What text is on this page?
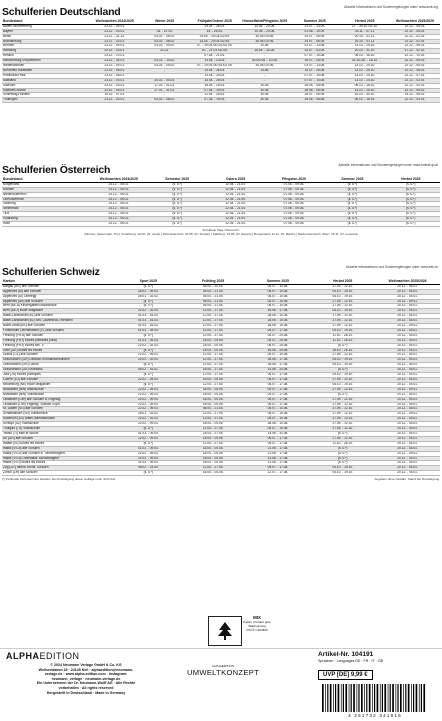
Schulferien Deutschland	Aktuelle Informationen und Sonderregelungen unter: www.kmk.org
Bundesland	Weihnachten 2024/2025	Winter 2025	Frühjahr/Ostern 2025	Himmelfahrt/Pfingsten 2025	Sommer 2025	Herbst 2025	Weihnachten 2025/2026
Baden-Württemberg	23.12. - 04.01.	-	14.04. - 26.04.	10.06. - 20.06.	31.07. - 13.09.	27. - 30.10./31.10.	22.12. - 05.01.
Bayern	23.12. - 03.01.	03. - 07.03.	14. - 25.04.	10.06. - 20.06.	01.08. - 15.09.	03.11. - 07.11.	22.12. - 05.01.
Berlin	23.12. - 31.12.	03.02. - 08.02.	14.04. - 25.04./02.05.	30.05./10.06.	24.07. - 06.09.	20.10. - 01.11.	22.12. - 02.01.
Brandenburg	23.12. - 03.01.	03.02. - 08.02.	14.04. - 25.04./02.05.	30.05./10.06.	24.07. - 06.09.	20.10. - 01.11.	22.12. - 02.01.
Bremen	23.12. - 04.01.	03.02. - 04.02.	07. - 19.04./30.04./02.05.	10.06.	03.07. - 13.08.	13.10. - 25.10.	22.12. - 05.01.
Hamburg	20.12. - 03.01.	31.01.	10. - 21.03./02.05.	26.05. - 30.05.	24.07. - 03.09.	20.10. - 31.10.	17.12. - 02.01.
Hessen	23.12. - 10.01.	-	07.04. - 21.04.	-	07.07. - 15.08.	06.10. - 18.10.	22.12. - 10.01.
Mecklenburg-Vorpommern	23.12. - 04.01.	03.02. - 14.02.	14.04. - 23.04.	30.05./06. - 10.06.	28.07. - 06.09.	02.10./20. - 25.10.	22.12. - 05.01.
Niedersachsen	23.12. - 04.01.	03.02. - 04.02.	07. - 19.04./30.04./02.05.	30.05./10.06.	03.07. - 13.08.	13.10. - 25.10.	22.12. - 05.01.
Nordrhein-Westfalen	23.12. - 06.01.	-	14.04. - 26.04.	10.06.	14.07. - 26.08.	13.10. - 25.10.	22.12. - 06.01.
Rheinland-Pfalz	23.12. - 08.01.	-	14.04. - 25.04.	-	07.07. - 15.08.	13.10. - 24.10.	22.12. - 07.01.
Saarland	23.12. - 03.01.	24.02. - 04.03.	14.04. - 25.04.	-	07.07. - 14.08.	13.10. - 24.10.	22.12. - 02.01.
Sachsen	23.12. - 03.01.	17.02. - 01.03.	18.04. - 25.04.	30.05.	28.06. - 08.08.	06.10. - 18.10.	22.12. - 02.01.
Sachsen-Anhalt	23.12. - 04.01.	27.01. - 31.01.	07.04. - 19.04.	30.05.	28.06. - 08.08.	13.10. - 25.10.	22.12. - 05.01.
Schleswig-Holstein	19.12. - 07.01.	-	11.04. - 25.04.	30.05.	28.07. - 06.09.	20.10. - 30.10.	19.12. - 06.01.
Thüringen	23.12. - 03.01.	03.02. - 08.02.	07.04. - 19.04.	30.05.	28.06. - 08.08.	06.10. - 18.10.	22.12. - 03.01.
Schulferien Österreich	Aktuelle Informationen und Sonderregelungen unter: www.bmbwf.gv.at
Bundesland	Weihnachten 2024/2025	Semester 2025	Ostern 2025	Pfingsten 2025	Sommer 2025	Herbst 2025
Burgenland	24.12. - 06.01.	(s. u.*)	12.04. - 21.04.	07.06. - 09.06.	(s. u.*)	(s. u.*)
Kärnten	24.12. - 06.01.	(s. u.*)	12.04. - 21.04.	07.06. - 09.06.	(s. u.*)	(s. u.*)
Niederösterreich	24.12. - 06.01.	(s. u.*)	12.04. - 21.04.	07.06. - 09.06.	(s. u.*)	(s. u.*)
Oberösterreich	24.12. - 06.01.	(s. u.*)	12.04. - 21.04.	07.06. - 09.06.	(s. u.*)	(s. u.*)
Salzburg	24.12. - 06.01.	(s. u.*)	12.04. - 21.04.	07.06. - 09.06.	(s. u.*)	(s. u.*)
Steiermark	24.12. - 06.01.	(s. u.*)	12.04. - 21.04.	07.06. - 09.06.	(s. u.*)	(s. u.*)
Tirol	24.12. - 06.01.	(s. u.*)	12.04. - 21.04.	07.06. - 09.06.	(s. u.*)	(s. u.*)
Vorarlberg	24.12. - 06.01.	(s. u.*)	12.04. - 21.04.	07.06. - 09.06.	(s. u.*)	(s. u.*)
Wien	24.12. - 06.01.	(s. u.*)	12.04. - 21.04.	07.06. - 09.06.	(s. u.*)	(s. u.*)
Schulfreie Tage Österreich:
Kärnten, Steiermark, Tirol, Vorarlberg: 19.03. (hl. Josef) | Oberösterreich: 04.05. (hl. Florian) | Salzburg: 24.09. (hl. Rupert) | Burgenland: 11.11. (hl. Martin) | Niederösterreich, Wien: 15.11. (hl. Leopold)
Schulferien Schweiz	Aktuelle Informationen und Sonderregelungen unter: www.edk.ch
Kanton	Sport 2025	Frühling 2025	Sommer 2025	Herbst 2025	Weihnachten 2025/2026
Aargau (AG) alle Schulen	(s. u.*)	05.04. - 20.04.	05.07. - 10.08.	27.09. - 12.10.	20.12. - 04.01.
Appenzell (AI) alle Schulen	28.02. - 09.03.	05.04. - 21.04.	05.07. - 10.08.	04.10. - 19.10.	20.12. - 04.01.
Appenzell (AI) Oberegg	25.01. - 02.02.	05.04. - 21.04.	05.07. - 10.08.	04.10. - 19.10.	20.12. - 04.01.
Appenzell (AR) alle Schulen	(s. u.*)	05.04. - 21.04.	05.07. - 10.08.	27.09. - 12.10.	20.12. - 04.01.
Bern (BE-d) Kindergarten/Volksschule	(s. u.*)	05.04. - 21.04.	05.07. - 10.08.	27.09. - 12.10.	20.12. - 04.01.
Bern (BE-f) école obligatoire	22.02. - 02.03.	12.04. - 27.04.	28.06. - 17.08.	04.10. - 19.10.	20.12. - 04.01.
Basel-Landschaft (BL) alle Schulen	01.03. - 16.03.	12.04. - 27.04.	28.06. - 10.08.	27.09. - 12.10.	20.12. - 04.01.
Basel-Landschaft (BL) Sek. Laufenthal-Thierstein	01.03. - 16.03.	12.04. - 27.04.	28.06. - 10.08.	27.09. - 12.10.	20.12. - 04.01.
Basel-Stadt (BS) alle Schulen	01.03. - 16.03.	12.04. - 27.04.	28.06. - 10.08.	27.09. - 12.10.	20.12. - 04.01.
Fürstentum Liechtenstein (FL) alle Schulen	01.03. - 09.03.	12.04. - 27.04.	05.07. - 17.08.	04.10. - 19.10.	20.12. - 04.01.
Freiburg (FR-d) alle Schulen	(s. u.*)	12.04. - 27.04.	05.07. - 24.08.	11.10. - 26.10.	20.12. - 04.01.
Freiburg (FR-f) écoles primaires (villa)	01.03. - 09.03.	18.04. - 04.05.	05.07. - 24.08.	11.10. - 26.10.	20.12. - 04.01.
Freiburg (FR-f) écoles sec. II	22.02. - 02.03.	18.04. - 04.05.	05.07. - 24.08.	(s. u.*)	20.12. - 04.01.
Genf (GE) toutes les écoles	(s. u.*)	18.04. - 04.05.	28.06. - 24.08.	18.10. - 26.10.	20.12. - 04.01.
Glarus (GL) alle Schulen	22.02. - 09.03.	12.04. - 27.04.	05.07. - 10.08.	27.09. - 12.10.	20.12. - 04.01.
Graubünden (GR) Deutsch-/Romanischbünden	22.02. - 02.03.	12.04. - 27.04.	28.06. - 17.08.	04.10. - 19.10.	20.12. - 04.01.
Graubünden (GR) Davos	(s. u.*)	12.04. - 27.04.	28.06. - 17.08.	04.10. - 19.10.	20.12. - 04.01.
Graubünden (GR) Moesano	08.02. - 16.02.	18.04. - 27.04.	14.06. - 24.08.	(s. u.*)	20.12. - 04.01.
Jura (JU) écoles publiques	(s. u.*)	12.04. - 27.04.	05.07. - 17.08.	04.10. - 19.10.	20.12. - 04.01.
Luzern (LU) alle Schulen	22.02. - 09.03.	18.04. - 04.05.	05.07. - 17.08.	27.09. - 12.10.	20.12. - 04.01.
Neuenburg (NE) école obligatoire	(s. u.*)	12.04. - 27.04.	05.07. - 17.08.	04.10. - 19.10.	20.12. - 04.01.
Nidwalden (NW) Mittelschule	22.02. - 09.03.	18.04. - 04.05.	05.07. - 17.08.	27.09. - 12.10.	20.12. - 04.01.
Nidwalden (NW) Volksschule	22.02. - 09.03.	18.04. - 04.05.	05.07. - 17.08.	(s. u.*)	20.12. - 04.01.
Obwalden (OW) alle Schulen a. Engelbg.	22.02. - 09.03.	18.04. - 04.05.	05.07. - 17.08.	27.09. - 12.10.	20.12. - 04.01.
Obwalden (OW) Engelbg. Volksch./Gym.	22.02. - 09.03.	18.04. - 04.05.	05.07. - 17.08.	27.09. - 12.10.	20.12. - 04.01.
St. Gallen (SG) alle Schulen	22.02. - 09.03.	05.04. - 21.04.	05.07. - 10.08.	27.09. - 12.10.	20.12. - 04.01.
Schaffhausen (SH) Volksschule	25.01. - 02.02.	12.04. - 27.04.	05.07. - 10.08.	27.09. - 12.10.	20.12. - 04.01.
Solothurn (SO) Mittel-/Berufsschulen	22.02. - 02.03.	12.04. - 27.04.	05.07. - 10.08.	27.09. - 12.10.	20.12. - 04.01.
Schwyz (SZ) Volksschule	22.02. - 09.03.	18.04. - 04.05.	28.06. - 10.08.	27.09. - 12.10.	20.12. - 04.01.
Thurgau (TG) Volksschule	(s. u.*)	12.04. - 27.04.	05.07. - 10.08.	27.09. - 12.10.	20.12. - 04.01.
Tessin (TI) tutte le scuole	01.03. - 09.03.	18.04. - 27.04.	14.06. - 31.08.	(s. u.*)	20.12. - 04.01.
Uri (UR) alle Schulen	22.02. - 09.03.	18.04. - 04.05.	05.07. - 17.08.	27.09. - 12.10.	20.12. - 04.01.
Waadt (VD) toutes les écoles	(s. u.*)	12.04. - 27.04.	05.07. - 17.08.	11.10. - 26.10.	20.12. - 04.01.
Wallis (VS-d) alle Schulen	01.03. - 09.03.	18.04. - 04.05.	21.06. - 17.08.	(s. u.*)	20.12. - 04.01.
Wallis (VS-d) alle Schulen a. Tourismusgem.	22.02. - 09.03.	18.04. - 04.05.	21.06. - 17.08.	(s. u.*)	20.12. - 04.01.
Wallis (VS-d) Oberwallis Tourismusgem.	22.02. - 09.03.	18.04. - 04.05.	21.06. - 17.08.	(s. u.*)	20.12. - 04.01.
Wallis (VS-f) toutes les écoles	01.03. - 09.03.	18.04. - 04.05.	21.06. - 17.08.	(s. u.*)	20.12. - 04.01.
Zug (ZG) öffentl.-rechtl. Schulen	08.02. - 23.02.	12.04. - 27.04.	05.07. - 17.08.	04.10. - 19.10.	20.12. - 04.01.
Zürich (ZH) alle Schulen	(s. u.*)	18.04. - 04.05.	12.07. - 17.08.	04.10. - 19.10.	20.12. - 04.01.
(*) Fehlende Ferientermine standen bei Drucklegung dieser Auflage noch nicht fest	Angaben ohne Gewähr. Stand bei Drucklegung.
MIX
Papier | Fördert gute Waldnutzung
FSC® C104829
ALPHAEDITION
© 2024 Neumann Verlage GmbH & Co. KG
Wellseedamm 18 · 24145 Kiel · alphaedition@neumann-
verlage.de · www.alpha-edition.com · Instagram:
neumann_verlage · neumann-verlage.de
Ein Unternehmen der Dr. Neumann-Wolff AG · Alle Rechte
vorbehalten · All rights reserved
Hergestellt in Deutschland · Made in Germany
ALPHAEDITION
UMWELTKONZEPT
Artikel-Nr. 104191
Sprachen · Languages DE · FR · IT · GB
UVP [DE] 9,99 €
4 251732 341916
